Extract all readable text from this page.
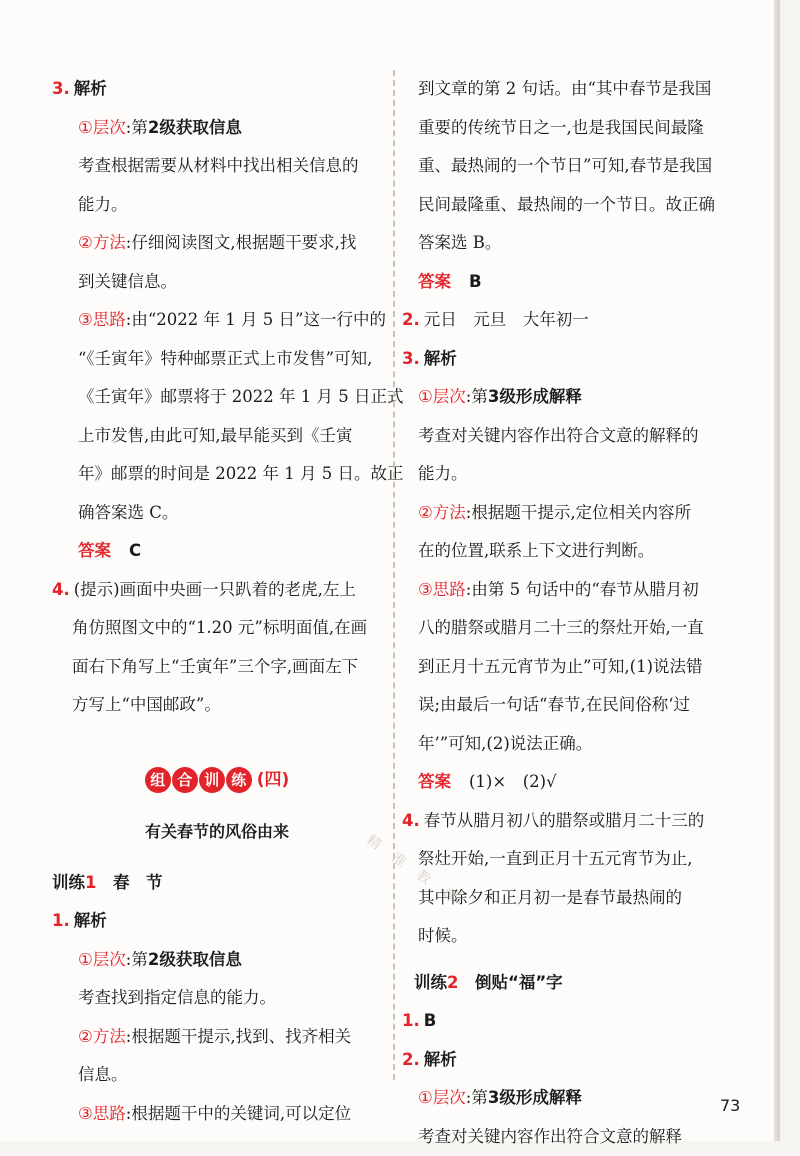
3. 解析
①层次:第2级获取信息
考查根据需要从材料中找出相关信息的
能力。
②方法:仔细阅读图文,根据题干要求,找
到关键信息。
③思路:由“2022 年 1 月 5 日”这一行中的
“《壬寅年》特种邮票正式上市发售”可知,
《壬寅年》邮票将于 2022 年 1 月 5 日正式
上市发售,由此可知,最早能买到《壬寅
年》邮票的时间是 2022 年 1 月 5 日。故正
确答案选 C。
答案 C
4. (提示)画面中央画一只趴着的老虎,左上
角仿照图文中的“1.20 元”标明面值,在画
面右下角写上“壬寅年”三个字,画面左下
方写上“中国邮政”。
组 合 训 练 (四)
有关春节的风俗由来
训练1　 春　节
1. 解析
①层次:第2级获取信息
考查找到指定信息的能力。
②方法:根据题干提示,找到、找齐相关
信息。
③思路:根据题干中的关键词,可以定位
到文章的第 2 句话。由“其中春节是我国
重要的传统节日之一,也是我国民间最隆
重、最热闹的一个节日”可知,春节是我国
民间最隆重、最热闹的一个节日。故正确
答案选 B。
答案 B
2. 元日　元旦　大年初一
3. 解析
①层次:第3级形成解释
考查对关键内容作出符合文意的解释的
能力。
②方法:根据题干提示,定位相关内容所
在的位置,联系上下文进行判断。
③思路:由第 5 句话中的“春节从腊月初
八的腊祭或腊月二十三的祭灶开始,一直
到正月十五元宵节为止”可知,(1)说法错
误;由最后一句话“春节,在民间俗称‘过
年’”可知,(2)说法正确。
答案 (1)×　(2)√
4. 春节从腊月初八的腊祭或腊月二十三的
祭灶开始,一直到正月十五元宵节为止,
其中除夕和正月初一是春节最热闹的
时候。
训练2　 倒贴“福”字
1. B
2. 解析
①层次:第3级形成解释
考查对关键内容作出符合文意的解释
精 准 教 育
73
